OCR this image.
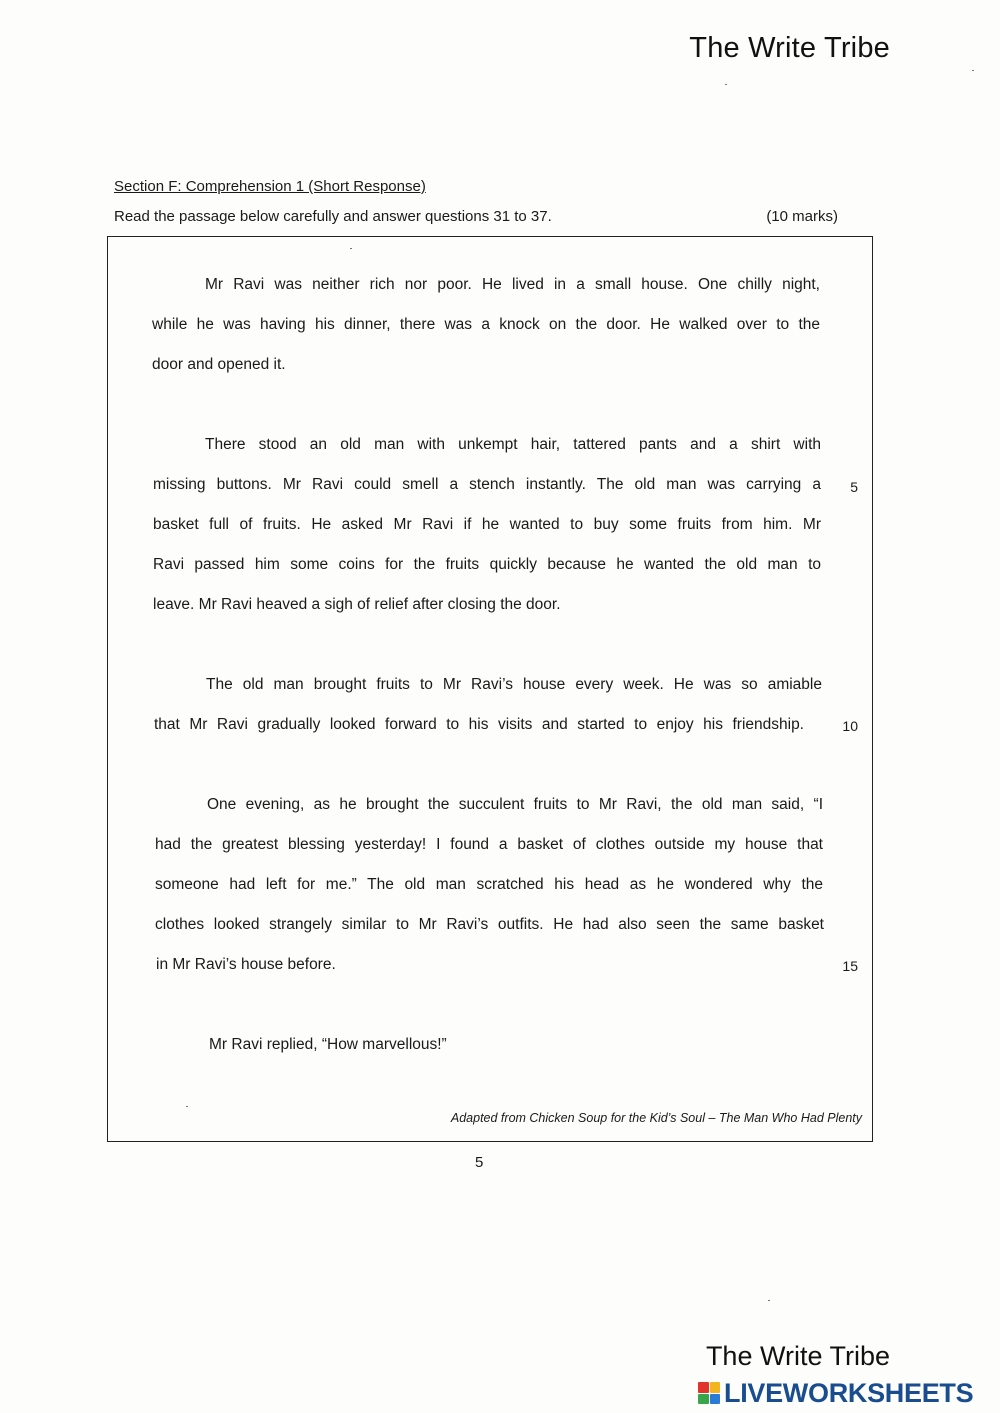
The Write Tribe
Section F: Comprehension 1 (Short Response)
Read the passage below carefully and answer questions 31 to 37.	(10 marks)
Mr Ravi was neither rich nor poor. He lived in a small house. One chilly night,
while he was having his dinner, there was a knock on the door. He walked over to the
door and opened it.
There stood an old man with unkempt hair, tattered pants and a shirt with
missing buttons. Mr Ravi could smell a stench instantly. The old man was carrying a 5
basket full of fruits. He asked Mr Ravi if he wanted to buy some fruits from him. Mr
Ravi passed him some coins for the fruits quickly because he wanted the old man to
leave. Mr Ravi heaved a sigh of relief after closing the door.
The old man brought fruits to Mr Ravi’s house every week. He was so amiable
that Mr Ravi gradually looked forward to his visits and started to enjoy his friendship.	10
One evening, as he brought the succulent fruits to Mr Ravi, the old man said, “I
had the greatest blessing yesterday! I found a basket of clothes outside my house that
someone had left for me.” The old man scratched his head as he wondered why the
clothes looked strangely similar to Mr Ravi’s outfits. He had also seen the same basket
in Mr Ravi’s house before.	15
Mr Ravi replied, “How marvellous!”
Adapted from Chicken Soup for the Kid’s Soul – The Man Who Had Plenty
5
The Write Tribe
LIVEWORKSHEETS
